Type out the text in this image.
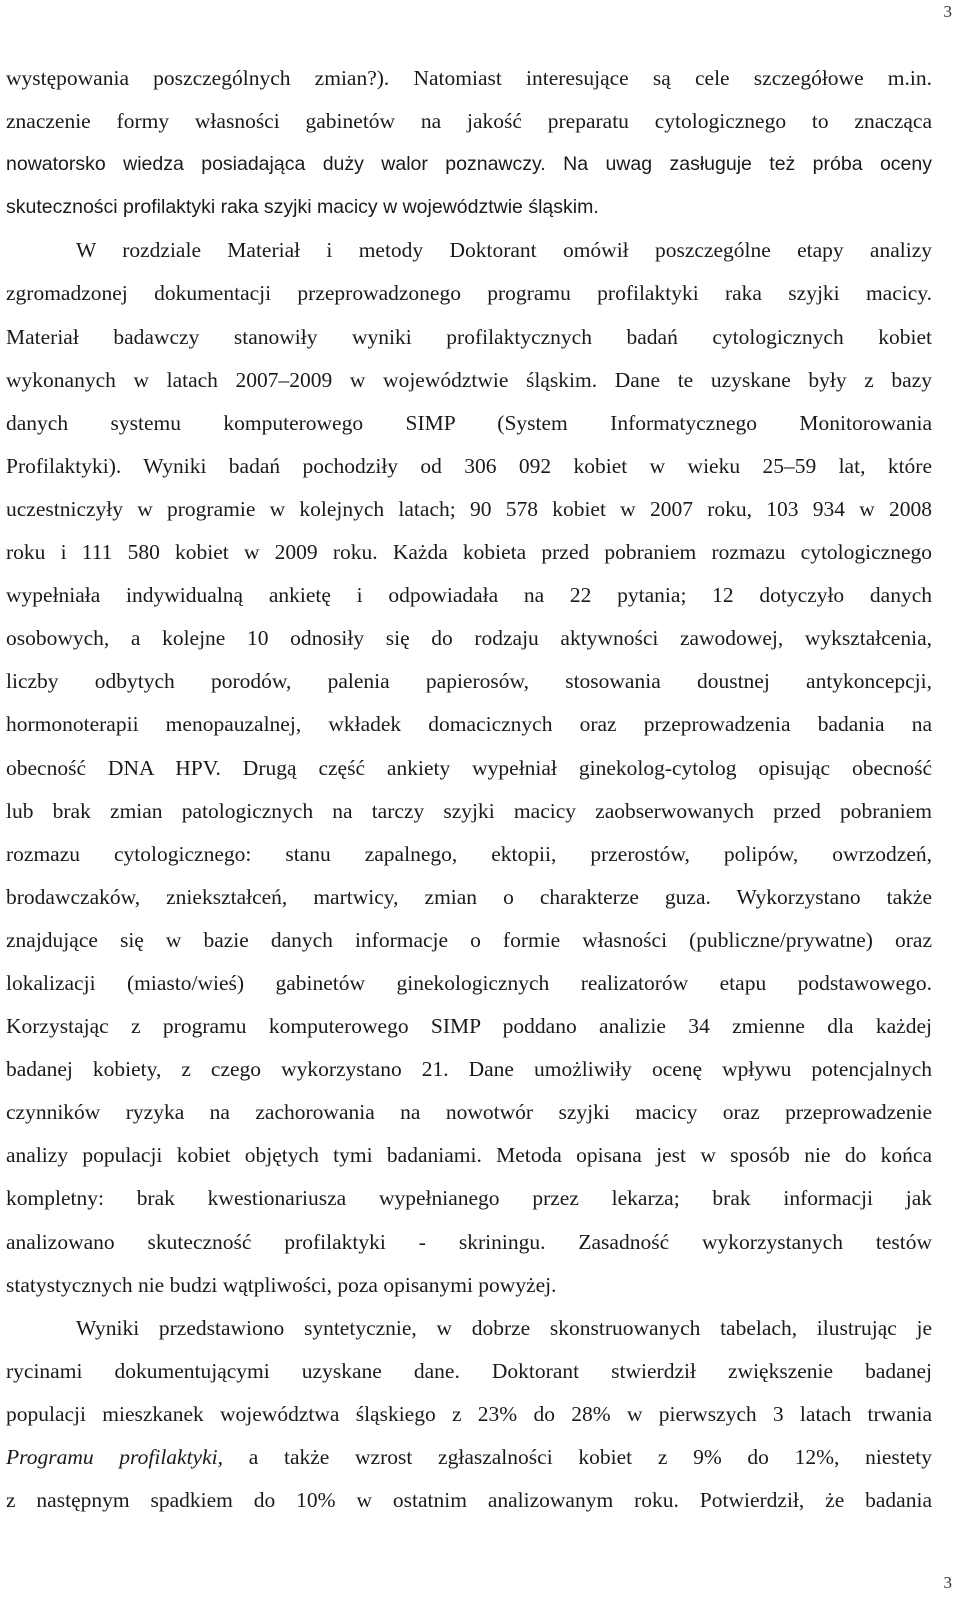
3
występowania poszczególnych zmian?). Natomiast interesujące są cele szczegółowe m.in.
znaczenie formy własności gabinetów na jakość preparatu cytologicznego to znacząca
nowatorsko wiedza posiadająca duży walor poznawczy. Na uwag zasługuje też próba oceny
skuteczności profilaktyki raka szyjki macicy w województwie śląskim.
W rozdziale Materiał i metody Doktorant omówił poszczególne etapy analizy
zgromadzonej dokumentacji przeprowadzonego programu profilaktyki raka szyjki macicy.
Materiał badawczy stanowiły wyniki profilaktycznych badań cytologicznych kobiet
wykonanych w latach 2007–2009 w województwie śląskim. Dane te uzyskane były z bazy
danych systemu komputerowego SIMP (System Informatycznego Monitorowania
Profilaktyki). Wyniki badań pochodziły od 306 092 kobiet w wieku 25–59 lat, które
uczestniczyły w programie w kolejnych latach; 90 578 kobiet w 2007 roku, 103 934 w 2008
roku i 111 580 kobiet w 2009 roku. Każda kobieta przed pobraniem rozmazu cytologicznego
wypełniała indywidualną ankietę i odpowiadała na 22 pytania; 12 dotyczyło danych
osobowych, a kolejne 10 odnosiły się do rodzaju aktywności zawodowej, wykształcenia,
liczby odbytych porodów, palenia papierosów, stosowania doustnej antykoncepcji,
hormonoterapii menopauzalnej, wkładek domacicznych oraz przeprowadzenia badania na
obecność DNA HPV. Drugą część ankiety wypełniał ginekolog-cytolog opisując obecność
lub brak zmian patologicznych na tarczy szyjki macicy zaobserwowanych przed pobraniem
rozmazu cytologicznego: stanu zapalnego, ektopii, przerostów, polipów, owrzodzeń,
brodawczaków, zniekształceń, martwicy, zmian o charakterze guza. Wykorzystano także
znajdujące się w bazie danych informacje o formie własności (publiczne/prywatne) oraz
lokalizacji (miasto/wieś) gabinetów ginekologicznych realizatorów etapu podstawowego.
Korzystając z programu komputerowego SIMP poddano analizie 34 zmienne dla każdej
badanej kobiety, z czego wykorzystano 21. Dane umożliwiły ocenę wpływu potencjalnych
czynników ryzyka na zachorowania na nowotwór szyjki macicy oraz przeprowadzenie
analizy populacji kobiet objętych tymi badaniami. Metoda opisana jest w sposób nie do końca
kompletny: brak kwestionariusza wypełnianego przez lekarza; brak informacji jak
analizowano skuteczność profilaktyki - skriningu. Zasadność wykorzystanych testów
statystycznych nie budzi wątpliwości, poza opisanymi powyżej.
Wyniki przedstawiono syntetycznie, w dobrze skonstruowanych tabelach, ilustrując je
rycinami dokumentującymi uzyskane dane. Doktorant stwierdził zwiększenie badanej
populacji mieszkanek województwa śląskiego z 23% do 28% w pierwszych 3 latach trwania
Programu profilaktyki, a także wzrost zgłaszalności kobiet z 9% do 12%, niestety
z następnym spadkiem do 10% w ostatnim analizowanym roku. Potwierdził, że badania
3
